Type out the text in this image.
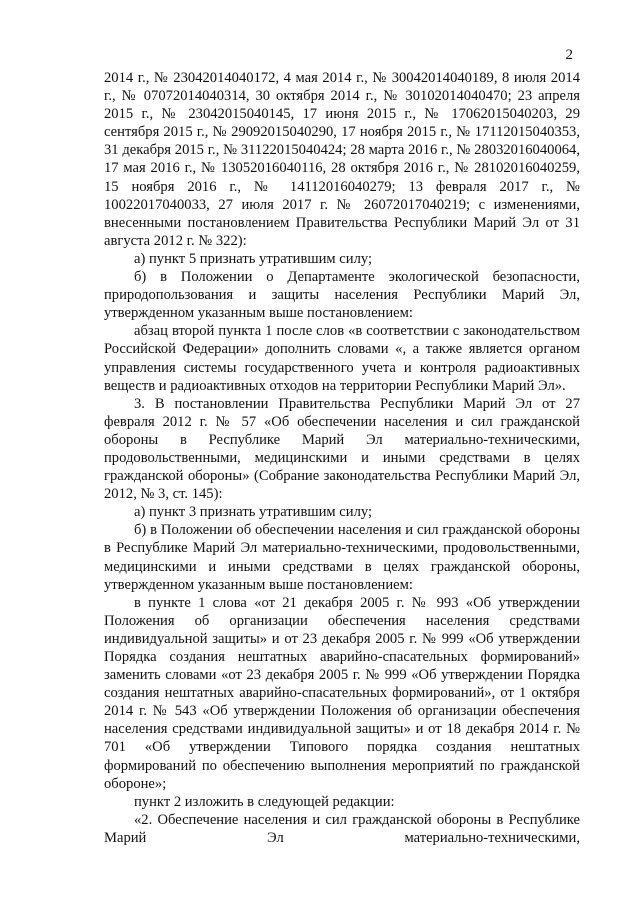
2

2014 г., № 23042014040172, 4 мая 2014 г., № 30042014040189, 8 июля 2014 г., № 07072014040314, 30 октября 2014 г., № 30102014040470; 23 апреля 2015 г., № 23042015040145, 17 июня 2015 г., № 17062015040203, 29 сентября 2015 г., № 29092015040290, 17 ноября 2015 г., № 17112015040353, 31 декабря 2015 г., № 31122015040424; 28 марта 2016 г., № 28032016040064, 17 мая 2016 г., № 13052016040116, 28 октября 2016 г., № 28102016040259, 15 ноября 2016 г., № 14112016040279; 13 февраля 2017 г., № 10022017040033, 27 июля 2017 г. № 26072017040219; с изменениями, внесенными постановлением Правительства Республики Марий Эл от 31 августа 2012 г. № 322):

а) пункт 5 признать утратившим силу;

б) в Положении о Департаменте экологической безопасности, природопользования и защиты населения Республики Марий Эл, утвержденном указанным выше постановлением:

абзац второй пункта 1 после слов «в соответствии с законодательством Российской Федерации» дополнить словами «, а также является органом управления системы государственного учета и контроля радиоактивных веществ и радиоактивных отходов на территории Республики Марий Эл».

3. В постановлении Правительства Республики Марий Эл от 27 февраля 2012 г. № 57 «Об обеспечении населения и сил гражданской обороны в Республике Марий Эл материально-техническими, продовольственными, медицинскими и иными средствами в целях гражданской обороны» (Собрание законодательства Республики Марий Эл, 2012, № 3, ст. 145):

а) пункт 3 признать утратившим силу;

б) в Положении об обеспечении населения и сил гражданской обороны в Республике Марий Эл материально-техническими, продовольственными, медицинскими и иными средствами в целях гражданской обороны, утвержденном указанным выше постановлением:

в пункте 1 слова «от 21 декабря 2005 г. № 993 «Об утверждении Положения об организации обеспечения населения средствами индивидуальной защиты» и от 23 декабря 2005 г. № 999 «Об утверждении Порядка создания нештатных аварийно-спасательных формирований» заменить словами «от 23 декабря 2005 г. № 999 «Об утверждении Порядка создания нештатных аварийно-спасательных формирований», от 1 октября 2014 г. № 543 «Об утверждении Положения об организации обеспечения населения средствами индивидуальной защиты» и от 18 декабря 2014 г. № 701 «Об утверждении Типового порядка создания нештатных формирований по обеспечению выполнения мероприятий по гражданской обороне»;

пункт 2 изложить в следующей редакции:

«2. Обеспечение населения и сил гражданской обороны в Республике Марий Эл материально-техническими,
